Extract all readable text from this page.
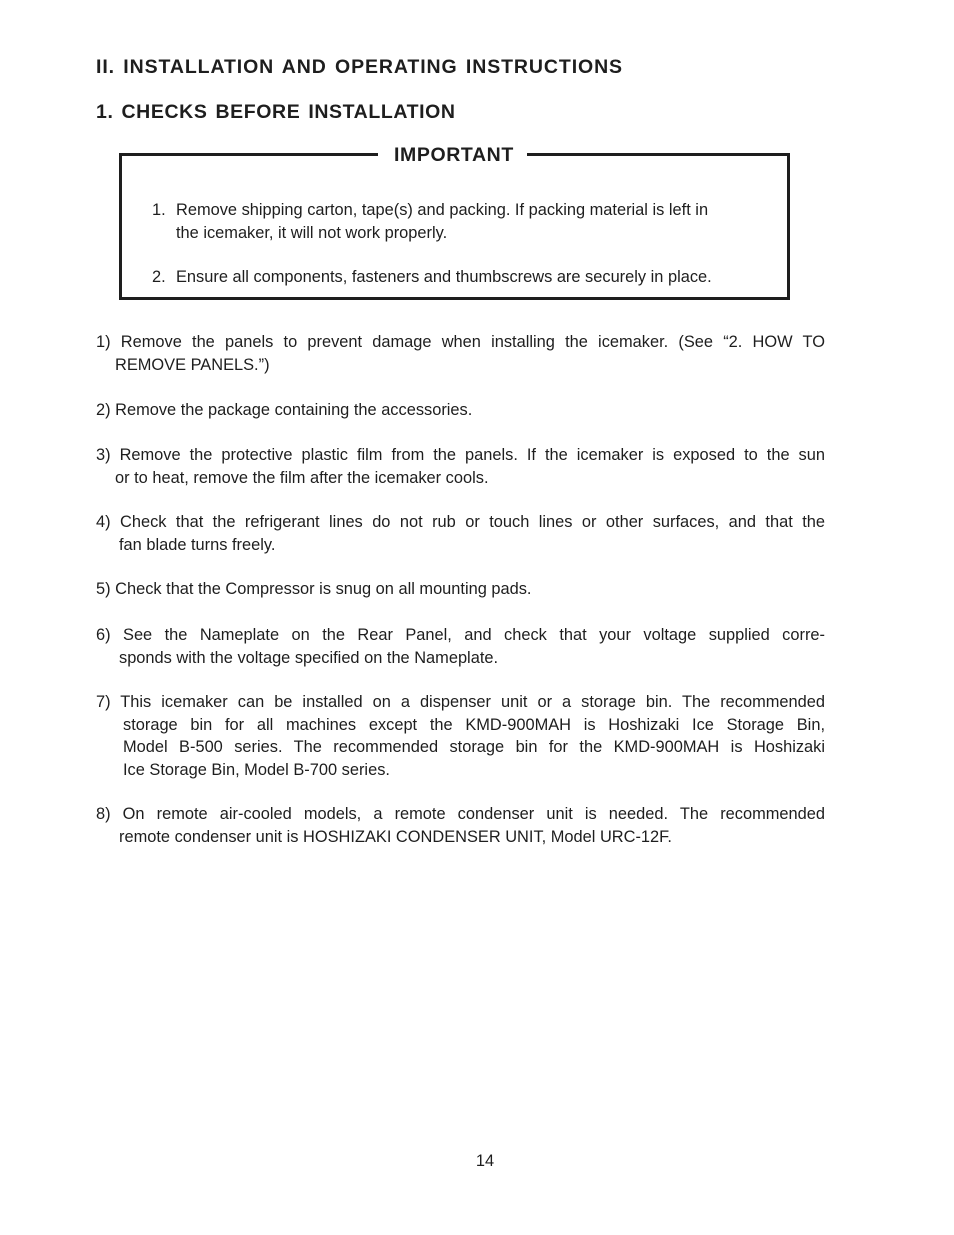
II. INSTALLATION AND OPERATING INSTRUCTIONS
1. CHECKS BEFORE INSTALLATION
IMPORTANT
1. Remove shipping carton, tape(s) and packing. If packing material is left in
the icemaker, it will not work properly.
2. Ensure all components, fasteners and thumbscrews are securely in place.
1) Remove the panels to prevent damage when installing the icemaker. (See “2. HOW TO
REMOVE PANELS.”)
2) Remove the package containing the accessories.
3) Remove the protective plastic film from the panels. If the icemaker is exposed to the sun
or to heat, remove the film after the icemaker cools.
4) Check that the refrigerant lines do not rub or touch lines or other surfaces, and that the
fan blade turns freely.
5) Check that the Compressor is snug on all mounting pads.
6) See the Nameplate on the Rear Panel, and check that your voltage supplied corre-
sponds with the voltage specified on the Nameplate.
7) This icemaker can be installed on a dispenser unit or a storage bin. The recommended
storage bin for all machines except the KMD-900MAH is Hoshizaki Ice Storage Bin,
Model B-500 series. The recommended storage bin for the KMD-900MAH is Hoshizaki
Ice Storage Bin, Model B-700 series.
8) On remote air-cooled models, a remote condenser unit is needed. The recommended
remote condenser unit is HOSHIZAKI CONDENSER UNIT, Model URC-12F.
14
